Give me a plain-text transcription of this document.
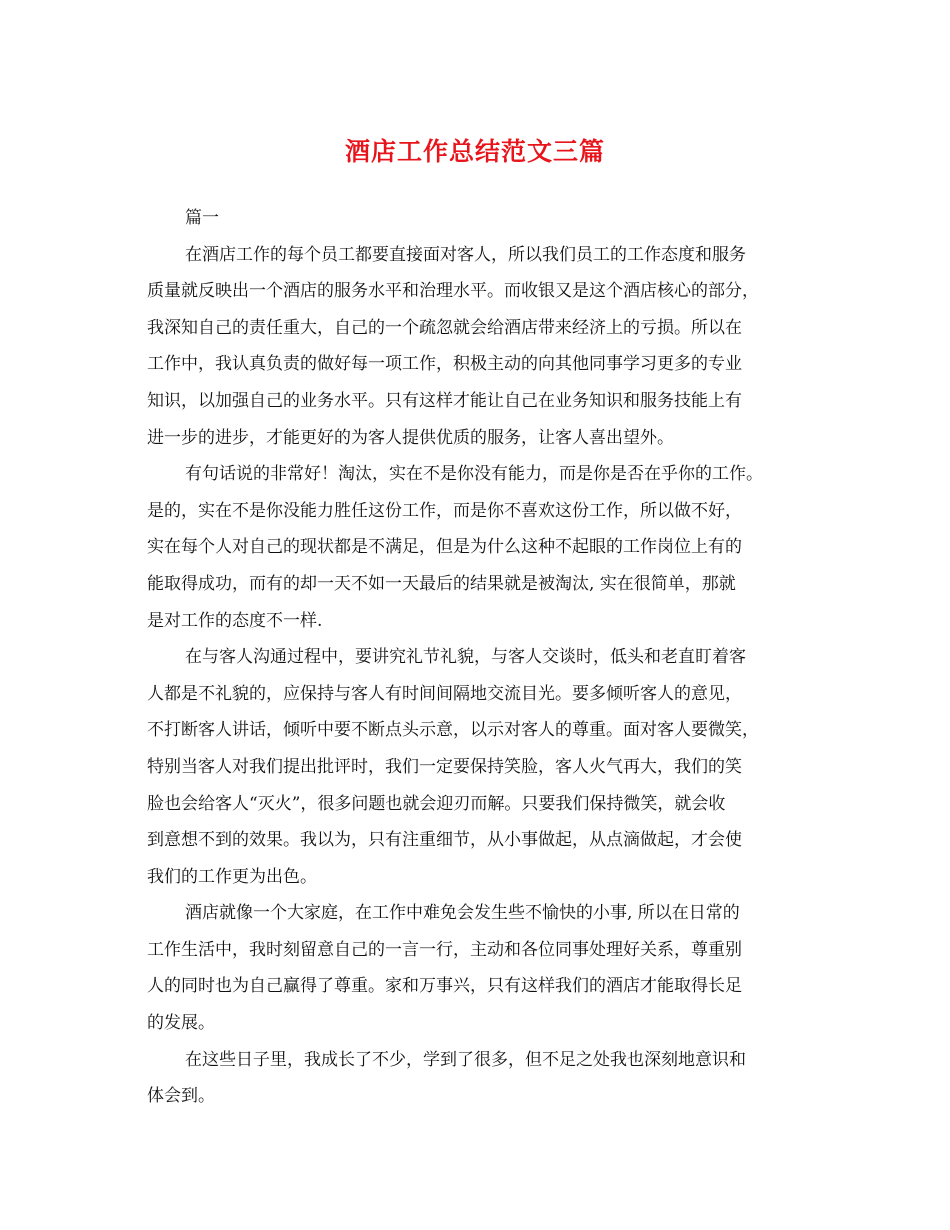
酒店工作总结范文三篇
篇一
在酒店工作的每个员工都要直接面对客人，所以我们员工的工作态度和服务
质量就反映出一个酒店的服务水平和治理水平。而收银又是这个酒店核心的部分，
我深知自己的责任重大，自己的一个疏忽就会给酒店带来经济上的亏损。所以在
工作中，我认真负责的做好每一项工作，积极主动的向其他同事学习更多的专业
知识，以加强自己的业务水平。只有这样才能让自己在业务知识和服务技能上有
进一步的进步，才能更好的为客人提供优质的服务，让客人喜出望外。
有句话说的非常好！淘汰，实在不是你没有能力，而是你是否在乎你的工作。
是的，实在不是你没能力胜任这份工作，而是你不喜欢这份工作，所以做不好，
实在每个人对自己的现状都是不满足，但是为什么这种不起眼的工作岗位上有的
能取得成功，而有的却一天不如一天最后的结果就是被淘汰, 实在很简单，那就
是对工作的态度不一样.
在与客人沟通过程中，要讲究礼节礼貌，与客人交谈时，低头和老直盯着客
人都是不礼貌的，应保持与客人有时间间隔地交流目光。要多倾听客人的意见，
不打断客人讲话，倾听中要不断点头示意，以示对客人的尊重。面对客人要微笑，
特别当客人对我们提出批评时，我们一定要保持笑脸，客人火气再大，我们的笑
脸也会给客人“灭火”，很多问题也就会迎刃而解。只要我们保持微笑，就会收
到意想不到的效果。我以为，只有注重细节，从小事做起，从点滴做起，才会使
我们的工作更为出色。
酒店就像一个大家庭，在工作中难免会发生些不愉快的小事, 所以在日常的
工作生活中，我时刻留意自己的一言一行，主动和各位同事处理好关系，尊重别
人的同时也为自己赢得了尊重。家和万事兴，只有这样我们的酒店才能取得长足
的发展。
在这些日子里，我成长了不少，学到了很多，但不足之处我也深刻地意识和
体会到。
